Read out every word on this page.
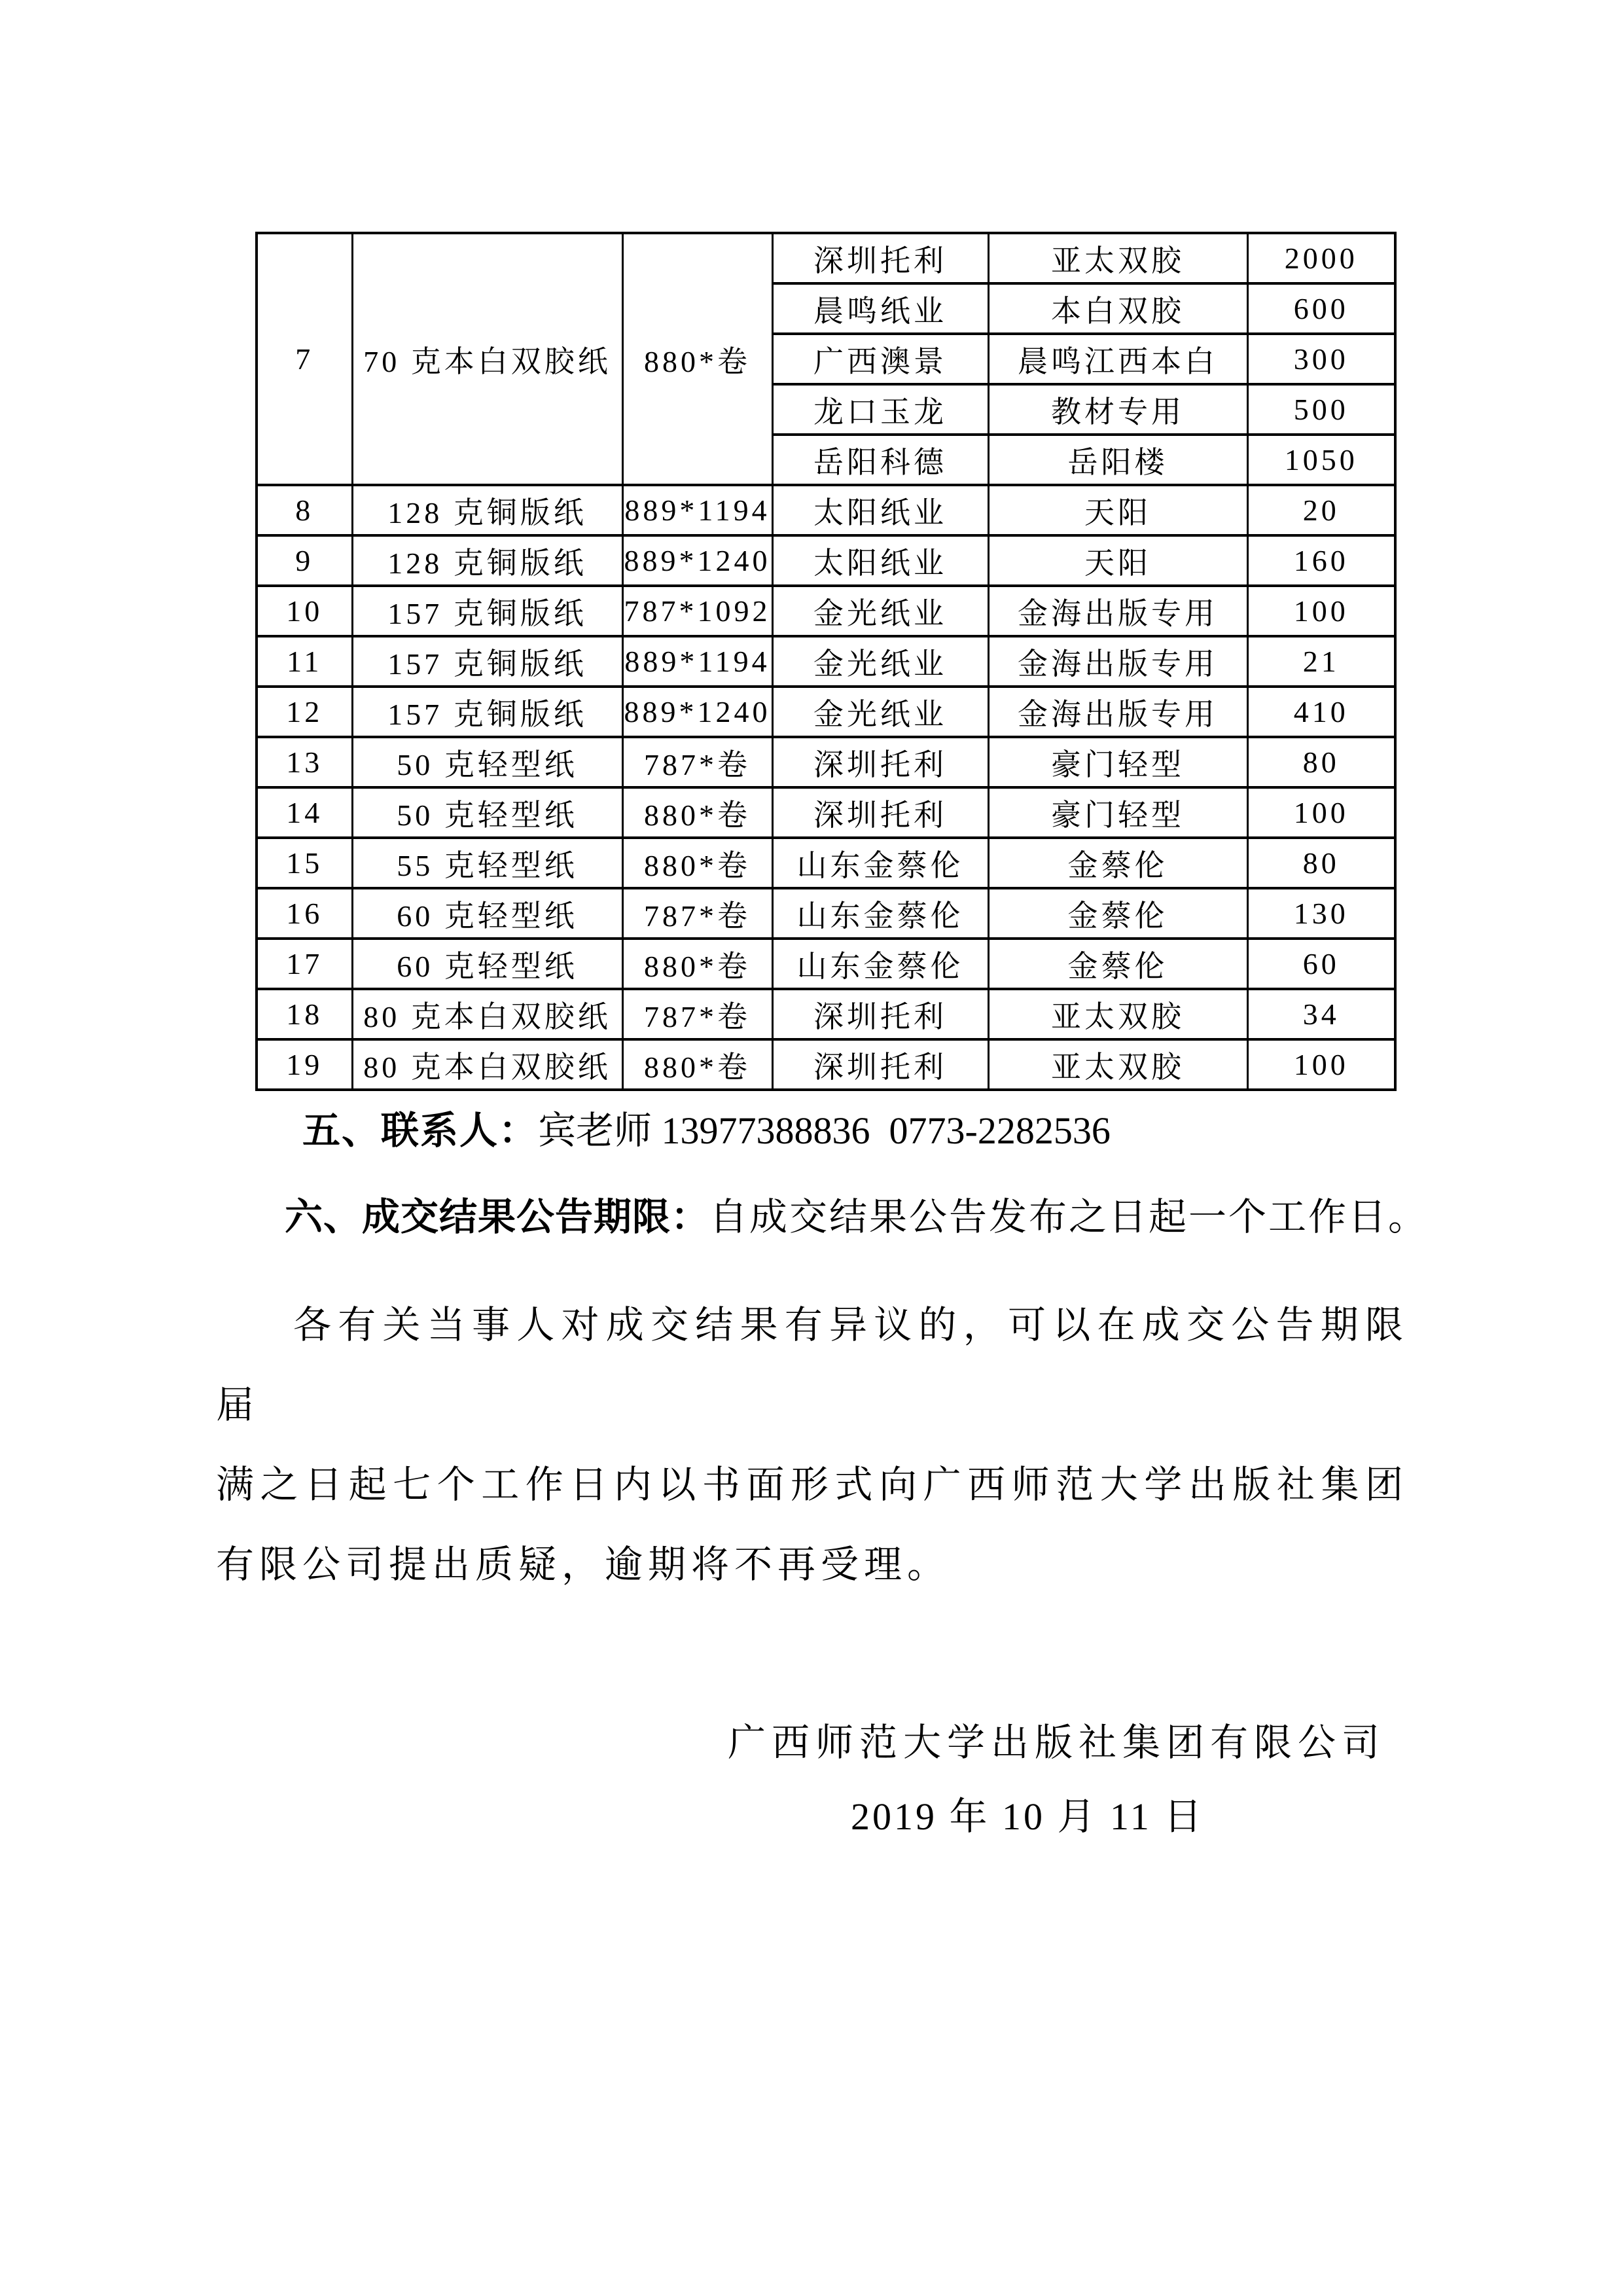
7	70 克本白双胶纸	880*卷	深圳托利	亚太双胶	2000
			晨鸣纸业	本白双胶	600
			广西澳景	晨鸣江西本白	300
			龙口玉龙	教材专用	500
			岳阳科德	岳阳楼	1050
8	128 克铜版纸	889*1194	太阳纸业	天阳	20
9	128 克铜版纸	889*1240	太阳纸业	天阳	160
10	157 克铜版纸	787*1092	金光纸业	金海出版专用	100
11	157 克铜版纸	889*1194	金光纸业	金海出版专用	21
12	157 克铜版纸	889*1240	金光纸业	金海出版专用	410
13	50 克轻型纸	787*卷	深圳托利	豪门轻型	80
14	50 克轻型纸	880*卷	深圳托利	豪门轻型	100
15	55 克轻型纸	880*卷	山东金蔡伦	金蔡伦	80
16	60 克轻型纸	787*卷	山东金蔡伦	金蔡伦	130
17	60 克轻型纸	880*卷	山东金蔡伦	金蔡伦	60
18	80 克本白双胶纸	787*卷	深圳托利	亚太双胶	34
19	80 克本白双胶纸	880*卷	深圳托利	亚太双胶	100

五、联系人：宾老师 13977388836  0773-2282536

六、成交结果公告期限：自成交结果公告发布之日起一个工作日。

各有关当事人对成交结果有异议的，可以在成交公告期限届
满之日起七个工作日内以书面形式向广西师范大学出版社集团
有限公司提出质疑，逾期将不再受理。

广西师范大学出版社集团有限公司

2019 年 10 月 11 日
